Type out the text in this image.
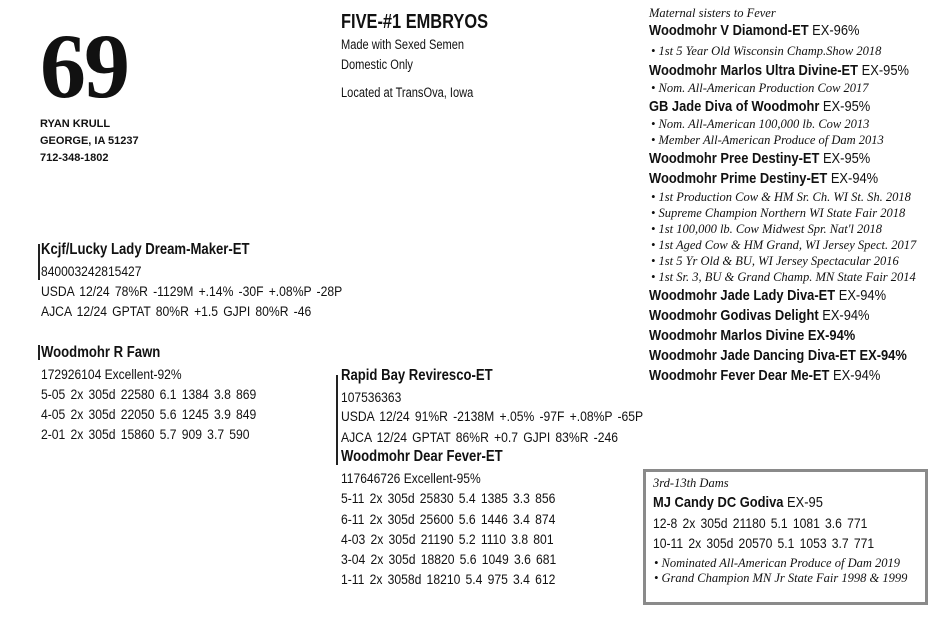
69
RYAN KRULL
GEORGE, IA 51237
712-348-1802
FIVE-#1 EMBRYOS
Made with Sexed Semen
Domestic Only
Located at TransOva, Iowa
Kcjf/Lucky Lady Dream-Maker-ET
840003242815427
USDA 12/24 78%R -1129M +.14% -30F +.08%P -28P
AJCA 12/24 GPTAT 80%R +1.5 GJPI 80%R -46
Woodmohr R Fawn
172926104 Excellent-92%
5-05 2x 305d 22580 6.1 1384 3.8 869
4-05 2x 305d 22050 5.6 1245 3.9 849
2-01 2x 305d 15860 5.7 909 3.7 590
Rapid Bay Reviresco-ET
107536363
USDA 12/24 91%R -2138M +.05% -97F +.08%P -65P
AJCA 12/24 GPTAT 86%R +0.7 GJPI 83%R -246
Woodmohr Dear Fever-ET
117646726 Excellent-95%
5-11 2x 305d 25830 5.4 1385 3.3 856
6-11 2x 305d 25600 5.6 1446 3.4 874
4-03 2x 305d 21190 5.2 1110 3.8 801
3-04 2x 305d 18820 5.6 1049 3.6 681
1-11 2x 3058d 18210 5.4 975 3.4 612
Maternal sisters to Fever
Woodmohr V Diamond-ET EX-96%
• 1st 5 Year Old Wisconsin Champ.Show 2018
Woodmohr Marlos Ultra Divine-ET EX-95%
• Nom. All-American Production Cow 2017
GB Jade Diva of Woodmohr EX-95%
• Nom. All-American 100,000 lb. Cow 2013
• Member All-American Produce of Dam 2013
Woodmohr Pree Destiny-ET EX-95%
Woodmohr Prime Destiny-ET EX-94%
• 1st Production Cow & HM Sr. Ch. WI St. Sh. 2018
• Supreme Champion Northern WI State Fair 2018
• 1st 100,000 lb. Cow Midwest Spr. Nat'l 2018
• 1st Aged Cow & HM Grand, WI Jersey Spect. 2017
• 1st 5 Yr Old & BU, WI Jersey Spectacular 2016
• 1st Sr. 3, BU & Grand Champ. MN State Fair 2014
Woodmohr Jade Lady Diva-ET EX-94%
Woodmohr Godivas Delight EX-94%
Woodmohr Marlos Divine EX-94%
Woodmohr Jade Dancing Diva-ET EX-94%
Woodmohr Fever Dear Me-ET EX-94%
3rd-13th Dams
MJ Candy DC Godiva EX-95
12-8 2x 305d 21180 5.1 1081 3.6 771
10-11 2x 305d 20570 5.1 1053 3.7 771
• Nominated All-American Produce of Dam 2019
• Grand Champion MN Jr State Fair 1998 & 1999
